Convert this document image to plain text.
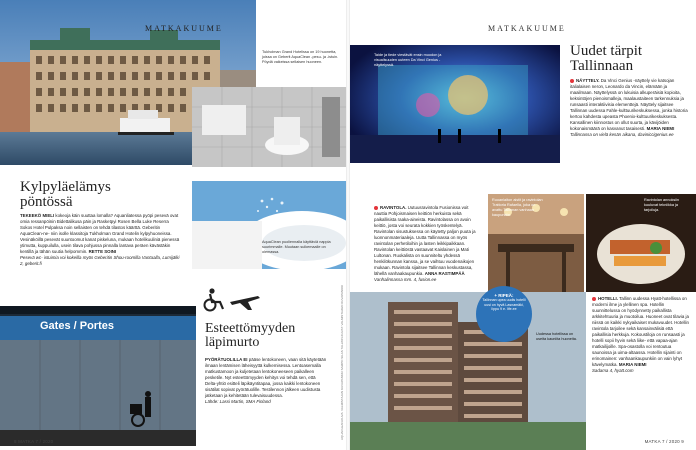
MATKAKUUME
Tukholman Grand Hotelissa on 19 huonetta, joissa on Geberit AquaClean -pesu- ja -istuin. Pöydä vaikeissa sellaisen huoneen.
AquaClean puoliennalla käyttäviä nappia suurimmalle. Muutaan sulkemaalle on olemassa.
Kylpyläelämys
pöntössä
TEKEEKÖ MIELI kokeoja käin suuttaa lomalla? Aquanliatessa pyöpi pesevä ovat omia ressanpöinin Bidettalikusa päin ja Rasketpyi Rosen Bella Luke Reserra Sokos Hotel Pulpaksa noin sellaisten on tehdä tilastos käärttä. Geberitin AquaClean-ne- niin isolle klassitoja Tukholman Grand Hotelin kylpyhuoneissa. Vesinäköillä pesevät suuntoomut kanat piskeluna, mukaan hotelikuuliniä pienessä ytimutta, kuppuilulla, usein tilava pohjussa pinnalla lantava peräen kävästäkin kentillä ja tähän suutia helpommin. RETTE SOINI
Pesevä wc- istuimia voi kokeilla myös Geberitin Shou-roomilla Vantaalla, Lumijälki 2, geberit.fi
Gates / Portes	Esteettömyyden
läpimurto
PYÖRÄTUOLILLA EI pääse lentokoneen, vaan sitä käytetään ilmaan lentämisen läheisyyttä kulkemisessa. Lentoasemalla matkustamoon ja kuljetetaan lentokoneeseen paikalleen pesketile. Nyt esteettömyyden kehitys voi tehdä sen, että Delta-yhtiö esitteli läpikäyntitapaa, jossa kaikki lentokoneen sisätilat sopivat pyörätuolille. Testilennon jälkeen uudistusta jatketaan ja kehitetään tulevaisuudessa.
Lähde: Lassi Martin, SMA Finland	AQUACLEAN-KUVA: VALMISTAJAN KUVAPANKKI SAMPO SILAS TALLINN-KUVAT: VALMISTAJIEN KUVAPANKKI
8 MATKA 7 / 2020
MATKAKUUME
Taide ja tiede viestävät ensin muodon ja visualisuuden uuteen Da Vinci Genius -näyttelyssä.
Uudet tärpit
Tallinnaan
NÄYTTELY. Da Vinci Genius -näyttely vie katsojan italialaisen neron, Leonardo da Vincin, elämään ja maailmaan. Näyttelyssä on lukuisia alkuperäisiä kopioita, keksintöjen pienoismalleja, maalaustaiteen tarkennuksia ja runsaasti interaktiivisia elementtejä. Näyttely sijaitsee Tallinnan uudessa Fahle-kulttuurikeskuksessa, jonka historia kertoo kahdesta upeasta Phoenix-kulttuurikeskuksesta. Kansallinen kiinnostus on ollut suurta, ja kävijöiden kokonaismäärä on kasvanut tasaisesti. MARIA NIEMI
Tallinnassa on vielä kesän aikana, daviniccigenius.ee
RAVINTOLA. Uutuusravintola Fusionissa voit nauttia Pohjoismaisen keittiön herkuista sekä paikallisista raaka-aineista. Ravintolassa on avoin keittiö, josta voi seurata kokkien työskentelyä. Ravintolan sisustuksessa on käytetty paljon puuta ja luonnonmateriaaleja. Uutta Tallinnassa on myös ravintolan perhetiloihin ja lasten leikkipaikkaan. Ravintolan keittiöstä vastaavat Kaislainen ja Mati Lultonan. Ruokalista on suunniteltu yhdessä henkilökunnan kanssa, ja se vaihtuu vuodenaikojen mukaan. Ravintola sijaitsee Tallinnan keskustassa, lähellä vanhaakaupunkia. ANNA RASTIMPÄÄ
Vanhalinnassa mm. 4, fusion.ee
Ruoanlaiton aistit ja ravintolan Trattoria Rafaella, joka on avattu Tallinnan vanhaan kaupunkiin.
Ravintolan annoksiin kuuluvat tekniikka ja tarjoiluja.
Uudessa hotellissa on useita kauniita huoneita.
+ RIPEÄ:
Tallinnan upea uudis hotelli uusi on hyvä Lasnamäki, lippu 9 e. life.ee
HOTELLI. Tallinn uudessa Hyatt-hotellissa on moderni ilme ja ylellinen spa. Hotellin suunnittelussa on hyödynnetty paikallista arkkitehtuuria ja muotoilua. Huoneet ovat tilavia ja niissä on kaikki nykyaikaiset mukavuudet. Hotellin ravintola tarjoilee sekä kansainvälisiä että paikallisia herkkuja. Kokoustiloja on runsaasti ja hotelli sopii hyvin sekä liike- että vapaa-ajan matkailijoille. Spa-osastolla voi rentoutua saunoissa ja uima-altaassa. Hotellin sijainti on erinomainen: vanhaankaupunkiin on vain lyhyt kävelymatka. MARIA NIEMI
Sadama 4, hyatt.com
MATKA 7 / 2020 9
